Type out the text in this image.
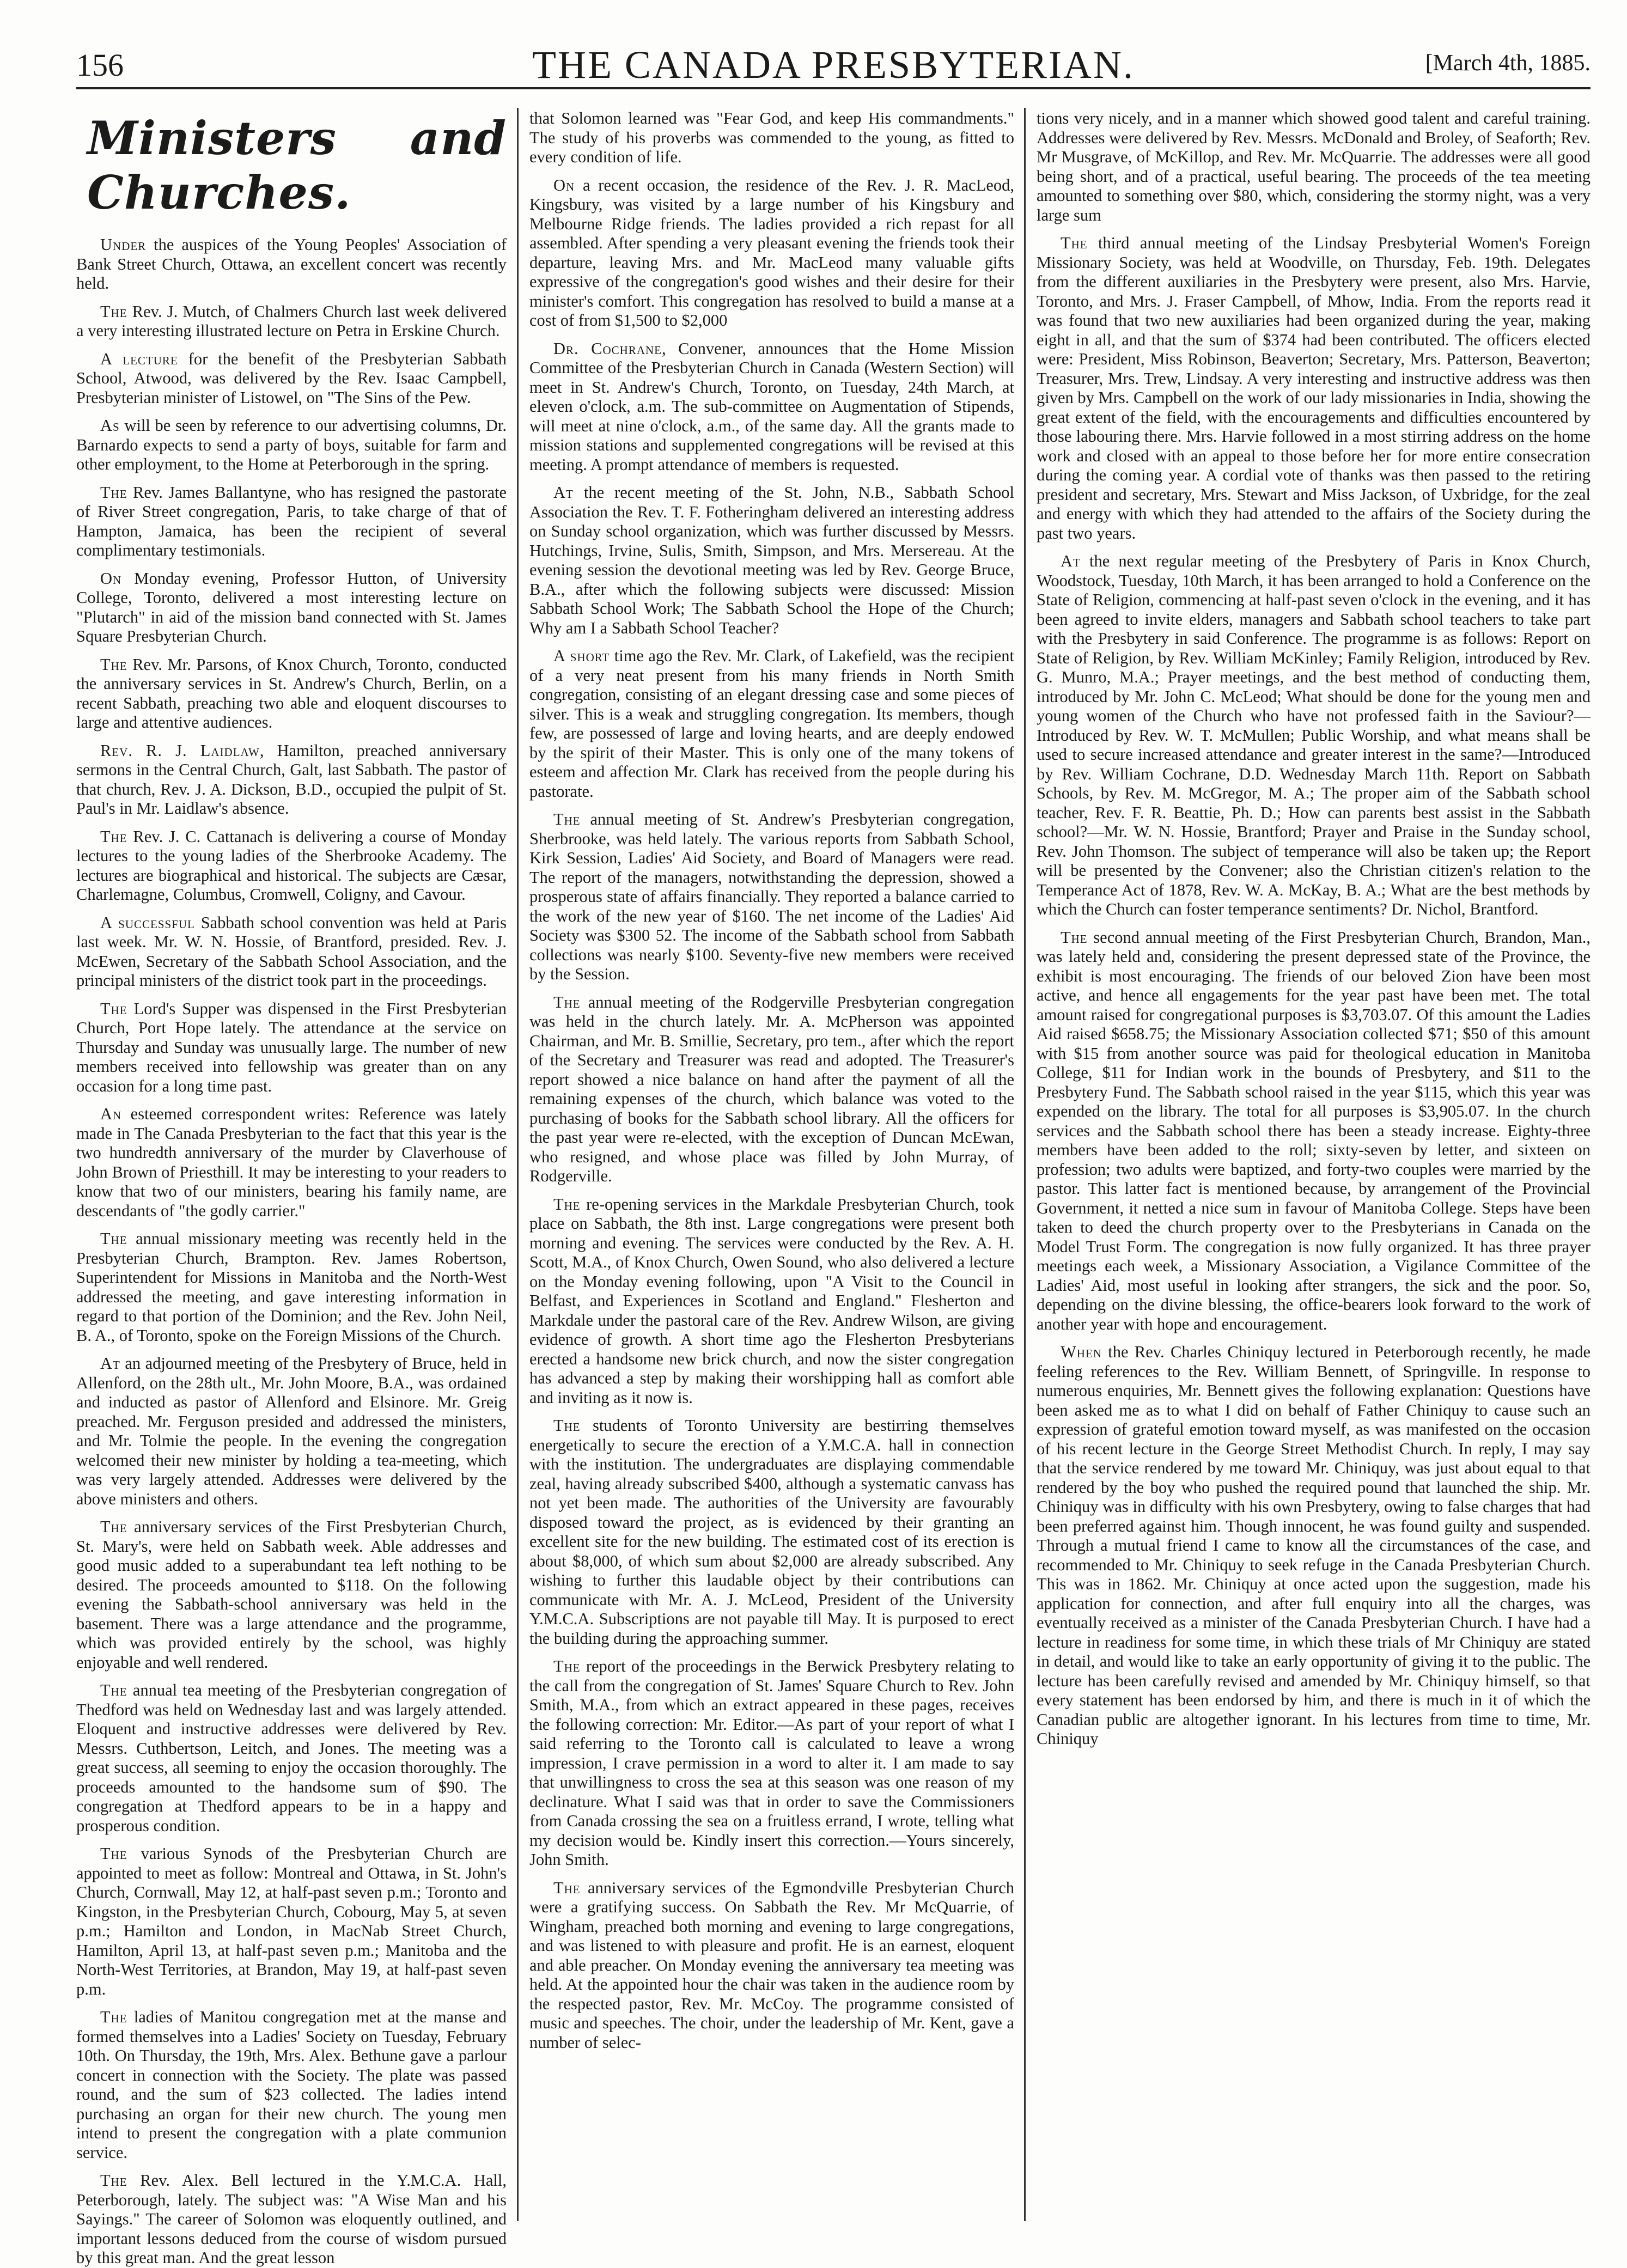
156	THE CANADA PRESBYTERIAN.	[March 4th, 1885.
Ministers and Churches.

Under the auspices of the Young Peoples' Association of Bank Street Church, Ottawa, an excellent concert was recently held.

The Rev. J. Mutch, of Chalmers Church last week delivered a very interesting illustrated lecture on Petra in Erskine Church.

A lecture for the benefit of the Presbyterian Sabbath School, Atwood, was delivered by the Rev. Isaac Campbell, Presbyterian minister of Listowel, on "The Sins of the Pew.

As will be seen by reference to our advertising columns, Dr. Barnardo expects to send a party of boys, suitable for farm and other employment, to the Home at Peterborough in the spring.

The Rev. James Ballantyne, who has resigned the pastorate of River Street congregation, Paris, to take charge of that of Hampton, Jamaica, has been the recipient of several complimentary testimonials.

On Monday evening, Professor Hutton, of University College, Toronto, delivered a most interesting lecture on "Plutarch" in aid of the mission band connected with St. James Square Presbyterian Church.

The Rev. Mr. Parsons, of Knox Church, Toronto, conducted the anniversary services in St. Andrew's Church, Berlin, on a recent Sabbath, preaching two able and eloquent discourses to large and attentive audiences.

Rev. R. J. Laidlaw, Hamilton, preached anniversary sermons in the Central Church, Galt, last Sabbath. The pastor of that church, Rev. J. A. Dickson, B.D., occupied the pulpit of St. Paul's in Mr. Laidlaw's absence.

The Rev. J. C. Cattanach is delivering a course of Monday lectures to the young ladies of the Sherbrooke Academy. The lectures are biographical and historical. The subjects are Cæsar, Charlemagne, Columbus, Cromwell, Coligny, and Cavour.

A successful Sabbath school convention was held at Paris last week. Mr. W. N. Hossie, of Brantford, presided. Rev. J. McEwen, Secretary of the Sabbath School Association, and the principal ministers of the district took part in the proceedings.

The Lord's Supper was dispensed in the First Presbyterian Church, Port Hope lately. The attendance at the service on Thursday and Sunday was unusually large. The number of new members received into fellowship was greater than on any occasion for a long time past.

An esteemed correspondent writes: Reference was lately made in The Canada Presbyterian to the fact that this year is the two hundredth anniversary of the murder by Claverhouse of John Brown of Priesthill. It may be interesting to your readers to know that two of our ministers, bearing his family name, are descendants of "the godly carrier."

The annual missionary meeting was recently held in the Presbyterian Church, Brampton. Rev. James Robertson, Superintendent for Missions in Manitoba and the North-West addressed the meeting, and gave interesting information in regard to that portion of the Dominion; and the Rev. John Neil, B. A., of Toronto, spoke on the Foreign Missions of the Church.

At an adjourned meeting of the Presbytery of Bruce, held in Allenford, on the 28th ult., Mr. John Moore, B.A., was ordained and inducted as pastor of Allenford and Elsinore. Mr. Greig preached. Mr. Ferguson presided and addressed the ministers, and Mr. Tolmie the people. In the evening the congregation welcomed their new minister by holding a tea-meeting, which was very largely attended. Addresses were delivered by the above ministers and others.

The anniversary services of the First Presbyterian Church, St. Mary's, were held on Sabbath week. Able addresses and good music added to a superabundant tea left nothing to be desired. The proceeds amounted to $118. On the following evening the Sabbath-school anniversary was held in the basement. There was a large attendance and the programme, which was provided entirely by the school, was highly enjoyable and well rendered.

The annual tea meeting of the Presbyterian congregation of Thedford was held on Wednesday last and was largely attended. Eloquent and instructive addresses were delivered by Rev. Messrs. Cuthbertson, Leitch, and Jones. The meeting was a great success, all seeming to enjoy the occasion thoroughly. The proceeds amounted to the handsome sum of $90. The congregation at Thedford appears to be in a happy and prosperous condition.

The various Synods of the Presbyterian Church are appointed to meet as follow: Montreal and Ottawa, in St. John's Church, Cornwall, May 12, at half-past seven p.m.; Toronto and Kingston, in the Presbyterian Church, Cobourg, May 5, at seven p.m.; Hamilton and London, in MacNab Street Church, Hamilton, April 13, at half-past seven p.m.; Manitoba and the North-West Territories, at Brandon, May 19, at half-past seven p.m.

The ladies of Manitou congregation met at the manse and formed themselves into a Ladies' Society on Tuesday, February 10th. On Thursday, the 19th, Mrs. Alex. Bethune gave a parlour concert in connection with the Society. The plate was passed round, and the sum of $23 collected. The ladies intend purchasing an organ for their new church. The young men intend to present the congregation with a plate communion service.

The Rev. Alex. Bell lectured in the Y.M.C.A. Hall, Peterborough, lately. The subject was: "A Wise Man and his Sayings." The career of Solomon was eloquently outlined, and important lessons deduced from the course of wisdom pursued by this great man. And the great lesson

that Solomon learned was "Fear God, and keep His commandments." The study of his proverbs was commended to the young, as fitted to every condition of life.

On a recent occasion, the residence of the Rev. J. R. MacLeod, Kingsbury, was visited by a large number of his Kingsbury and Melbourne Ridge friends. The ladies provided a rich repast for all assembled. After spending a very pleasant evening the friends took their departure, leaving Mrs. and Mr. MacLeod many valuable gifts expressive of the congregation's good wishes and their desire for their minister's comfort. This congregation has resolved to build a manse at a cost of from $1,500 to $2,000

Dr. Cochrane, Convener, announces that the Home Mission Committee of the Presbyterian Church in Canada (Western Section) will meet in St. Andrew's Church, Toronto, on Tuesday, 24th March, at eleven o'clock, a.m. The sub-committee on Augmentation of Stipends, will meet at nine o'clock, a.m., of the same day. All the grants made to mission stations and supplemented congregations will be revised at this meeting. A prompt attendance of members is requested.

At the recent meeting of the St. John, N.B., Sabbath School Association the Rev. T. F. Fotheringham delivered an interesting address on Sunday school organization, which was further discussed by Messrs. Hutchings, Irvine, Sulis, Smith, Simpson, and Mrs. Mersereau. At the evening session the devotional meeting was led by Rev. George Bruce, B.A., after which the following subjects were discussed: Mission Sabbath School Work; The Sabbath School the Hope of the Church; Why am I a Sabbath School Teacher?

A short time ago the Rev. Mr. Clark, of Lakefield, was the recipient of a very neat present from his many friends in North Smith congregation, consisting of an elegant dressing case and some pieces of silver. This is a weak and struggling congregation. Its members, though few, are possessed of large and loving hearts, and are deeply endowed by the spirit of their Master. This is only one of the many tokens of esteem and affection Mr. Clark has received from the people during his pastorate.

The annual meeting of St. Andrew's Presbyterian congregation, Sherbrooke, was held lately. The various reports from Sabbath School, Kirk Session, Ladies' Aid Society, and Board of Managers were read. The report of the managers, notwithstanding the depression, showed a prosperous state of affairs financially. They reported a balance carried to the work of the new year of $160. The net income of the Ladies' Aid Society was $300 52. The income of the Sabbath school from Sabbath collections was nearly $100. Seventy-five new members were received by the Session.

The annual meeting of the Rodgerville Presbyterian congregation was held in the church lately. Mr. A. McPherson was appointed Chairman, and Mr. B. Smillie, Secretary, pro tem., after which the report of the Secretary and Treasurer was read and adopted. The Treasurer's report showed a nice balance on hand after the payment of all the remaining expenses of the church, which balance was voted to the purchasing of books for the Sabbath school library. All the officers for the past year were re-elected, with the exception of Duncan McEwan, who resigned, and whose place was filled by John Murray, of Rodgerville.

The re-opening services in the Markdale Presbyterian Church, took place on Sabbath, the 8th inst. Large congregations were present both morning and evening. The services were conducted by the Rev. A. H. Scott, M.A., of Knox Church, Owen Sound, who also delivered a lecture on the Monday evening following, upon "A Visit to the Council in Belfast, and Experiences in Scotland and England." Flesherton and Markdale under the pastoral care of the Rev. Andrew Wilson, are giving evidence of growth. A short time ago the Flesherton Presbyterians erected a handsome new brick church, and now the sister congregation has advanced a step by making their worshipping hall as comfort able and inviting as it now is.

The students of Toronto University are bestirring themselves energetically to secure the erection of a Y.M.C.A. hall in connection with the institution. The undergraduates are displaying commendable zeal, having already subscribed $400, although a systematic canvass has not yet been made. The authorities of the University are favourably disposed toward the project, as is evidenced by their granting an excellent site for the new building. The estimated cost of its erection is about $8,000, of which sum about $2,000 are already subscribed. Any wishing to further this laudable object by their contributions can communicate with Mr. A. J. McLeod, President of the University Y.M.C.A. Subscriptions are not payable till May. It is purposed to erect the building during the approaching summer.

The report of the proceedings in the Berwick Presbytery relating to the call from the congregation of St. James' Square Church to Rev. John Smith, M.A., from which an extract appeared in these pages, receives the following correction: Mr. Editor.—As part of your report of what I said referring to the Toronto call is calculated to leave a wrong impression, I crave permission in a word to alter it. I am made to say that unwillingness to cross the sea at this season was one reason of my declinature. What I said was that in order to save the Commissioners from Canada crossing the sea on a fruitless errand, I wrote, telling what my decision would be. Kindly insert this correction.—Yours sincerely, John Smith.

The anniversary services of the Egmondville Presbyterian Church were a gratifying success. On Sabbath the Rev. Mr McQuarrie, of Wingham, preached both morning and evening to large congregations, and was listened to with pleasure and profit. He is an earnest, eloquent and able preacher. On Monday evening the anniversary tea meeting was held. At the appointed hour the chair was taken in the audience room by the respected pastor, Rev. Mr. McCoy. The programme consisted of music and speeches. The choir, under the leadership of Mr. Kent, gave a number of selec-

tions very nicely, and in a manner which showed good talent and careful training. Addresses were delivered by Rev. Messrs. McDonald and Broley, of Seaforth; Rev. Mr Musgrave, of McKillop, and Rev. Mr. McQuarrie. The addresses were all good being short, and of a practical, useful bearing. The proceeds of the tea meeting amounted to something over $80, which, considering the stormy night, was a very large sum

The third annual meeting of the Lindsay Presbyterial Women's Foreign Missionary Society, was held at Woodville, on Thursday, Feb. 19th. Delegates from the different auxiliaries in the Presbytery were present, also Mrs. Harvie, Toronto, and Mrs. J. Fraser Campbell, of Mhow, India. From the reports read it was found that two new auxiliaries had been organized during the year, making eight in all, and that the sum of $374 had been contributed. The officers elected were: President, Miss Robinson, Beaverton; Secretary, Mrs. Patterson, Beaverton; Treasurer, Mrs. Trew, Lindsay. A very interesting and instructive address was then given by Mrs. Campbell on the work of our lady missionaries in India, showing the great extent of the field, with the encouragements and difficulties encountered by those labouring there. Mrs. Harvie followed in a most stirring address on the home work and closed with an appeal to those before her for more entire consecration during the coming year. A cordial vote of thanks was then passed to the retiring president and secretary, Mrs. Stewart and Miss Jackson, of Uxbridge, for the zeal and energy with which they had attended to the affairs of the Society during the past two years.

At the next regular meeting of the Presbytery of Paris in Knox Church, Woodstock, Tuesday, 10th March, it has been arranged to hold a Conference on the State of Religion, commencing at half-past seven o'clock in the evening, and it has been agreed to invite elders, managers and Sabbath school teachers to take part with the Presbytery in said Conference. The programme is as follows: Report on State of Religion, by Rev. William McKinley; Family Religion, introduced by Rev. G. Munro, M.A.; Prayer meetings, and the best method of conducting them, introduced by Mr. John C. McLeod; What should be done for the young men and young women of the Church who have not professed faith in the Saviour?—Introduced by Rev. W. T. McMullen; Public Worship, and what means shall be used to secure increased attendance and greater interest in the same?—Introduced by Rev. William Cochrane, D.D. Wednesday March 11th. Report on Sabbath Schools, by Rev. M. McGregor, M. A.; The proper aim of the Sabbath school teacher, Rev. F. R. Beattie, Ph. D.; How can parents best assist in the Sabbath school?—Mr. W. N. Hossie, Brantford; Prayer and Praise in the Sunday school, Rev. John Thomson. The subject of temperance will also be taken up; the Report will be presented by the Convener; also the Christian citizen's relation to the Temperance Act of 1878, Rev. W. A. McKay, B. A.; What are the best methods by which the Church can foster temperance sentiments? Dr. Nichol, Brantford.

The second annual meeting of the First Presbyterian Church, Brandon, Man., was lately held and, considering the present depressed state of the Province, the exhibit is most encouraging. The friends of our beloved Zion have been most active, and hence all engagements for the year past have been met. The total amount raised for congregational purposes is $3,703.07. Of this amount the Ladies Aid raised $658.75; the Missionary Association collected $71; $50 of this amount with $15 from another source was paid for theological education in Manitoba College, $11 for Indian work in the bounds of Presbytery, and $11 to the Presbytery Fund. The Sabbath school raised in the year $115, which this year was expended on the library. The total for all purposes is $3,905.07. In the church services and the Sabbath school there has been a steady increase. Eighty-three members have been added to the roll; sixty-seven by letter, and sixteen on profession; two adults were baptized, and forty-two couples were married by the pastor. This latter fact is mentioned because, by arrangement of the Provincial Government, it netted a nice sum in favour of Manitoba College. Steps have been taken to deed the church property over to the Presbyterians in Canada on the Model Trust Form. The congregation is now fully organized. It has three prayer meetings each week, a Missionary Association, a Vigilance Committee of the Ladies' Aid, most useful in looking after strangers, the sick and the poor. So, depending on the divine blessing, the office-bearers look forward to the work of another year with hope and encouragement.

When the Rev. Charles Chiniquy lectured in Peterborough recently, he made feeling references to the Rev. William Bennett, of Springville. In response to numerous enquiries, Mr. Bennett gives the following explanation: Questions have been asked me as to what I did on behalf of Father Chiniquy to cause such an expression of grateful emotion toward myself, as was manifested on the occasion of his recent lecture in the George Street Methodist Church. In reply, I may say that the service rendered by me toward Mr. Chiniquy, was just about equal to that rendered by the boy who pushed the required pound that launched the ship. Mr. Chiniquy was in difficulty with his own Presbytery, owing to false charges that had been preferred against him. Though innocent, he was found guilty and suspended. Through a mutual friend I came to know all the circumstances of the case, and recommended to Mr. Chiniquy to seek refuge in the Canada Presbyterian Church. This was in 1862. Mr. Chiniquy at once acted upon the suggestion, made his application for connection, and after full enquiry into all the charges, was eventually received as a minister of the Canada Presbyterian Church. I have had a lecture in readiness for some time, in which these trials of Mr Chiniquy are stated in detail, and would like to take an early opportunity of giving it to the public. The lecture has been carefully revised and amended by Mr. Chiniquy himself, so that every statement has been endorsed by him, and there is much in it of which the Canadian public are altogether ignorant. In his lectures from time to time, Mr. Chiniquy
